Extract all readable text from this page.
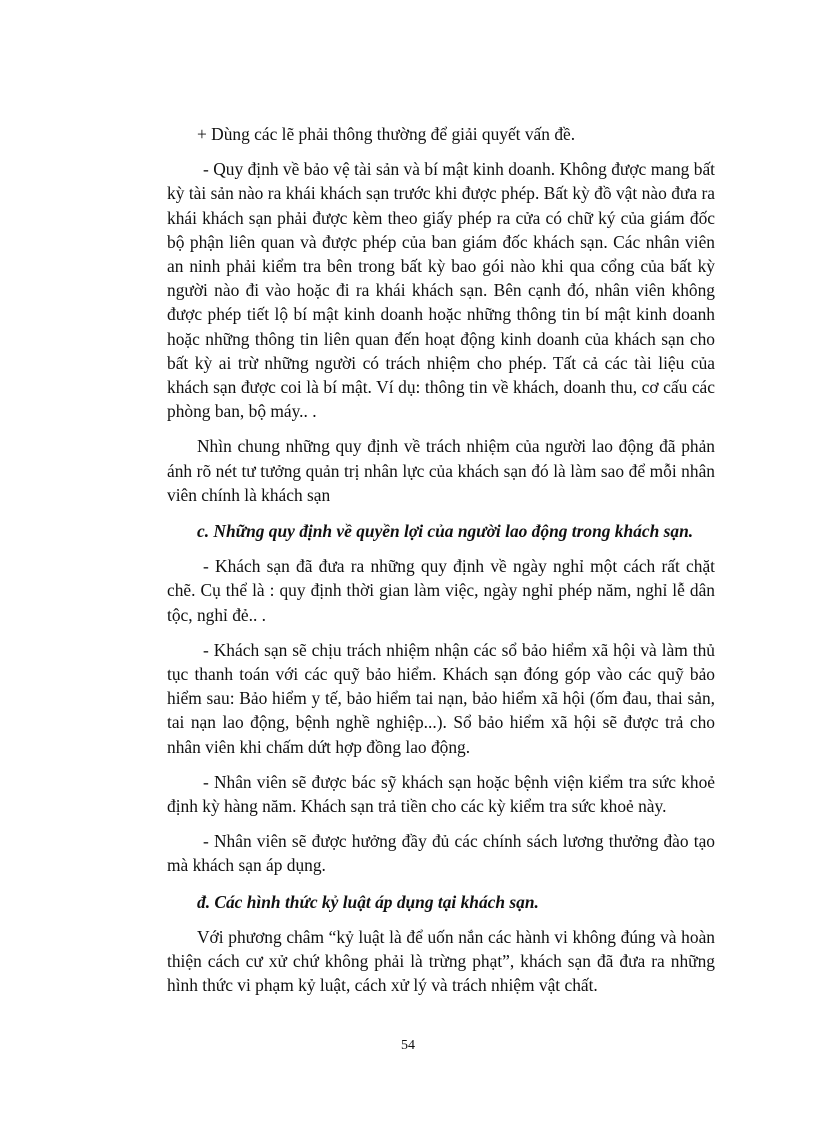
+ Dùng các lẽ phải thông thường để giải quyết vấn đề.

- Quy định về bảo vệ tài sản và bí mật kinh doanh. Không được mang bất kỳ tài sản nào ra khái khách sạn trước khi được phép. Bất kỳ đồ vật nào đưa ra khái khách sạn phải được kèm theo giấy phép ra cửa có chữ ký của giám đốc bộ phận liên quan và được phép của ban giám đốc khách sạn. Các nhân viên an ninh phải kiểm tra bên trong bất kỳ bao gói nào khi qua cổng của bất kỳ người nào đi vào hoặc đi ra khái khách sạn. Bên cạnh đó, nhân viên không được phép tiết lộ bí mật kinh doanh hoặc những thông tin bí mật kinh doanh hoặc những thông tin liên quan đến hoạt động kinh doanh của khách sạn cho bất kỳ ai trừ những người có trách nhiệm cho phép. Tất cả các tài liệu của khách sạn được coi là bí mật. Ví dụ: thông tin về khách, doanh thu, cơ cấu các phòng ban, bộ máy.. .

Nhìn chung những quy định về trách nhiệm của người lao động đã phản ánh rõ nét tư tưởng quản trị nhân lực của khách sạn đó là làm sao để mỗi nhân viên chính là khách sạn

c. Những quy định về quyền lợi của người lao động trong khách sạn.

- Khách sạn đã đưa ra những quy định về ngày nghỉ một cách rất chặt chẽ. Cụ thể là : quy định thời gian làm việc, ngày nghỉ phép năm, nghỉ lễ dân tộc, nghỉ đẻ.. .

- Khách sạn sẽ chịu trách nhiệm nhận các sổ bảo hiểm xã hội và làm thủ tục thanh toán với các quỹ bảo hiểm. Khách sạn đóng góp vào các quỹ bảo hiểm sau: Bảo hiểm y tế, bảo hiểm tai nạn, bảo hiểm xã hội (ốm đau, thai sản, tai nạn lao động, bệnh nghề nghiệp...). Sổ bảo hiểm xã hội sẽ được trả cho nhân viên khi chấm dứt hợp đồng lao động.

- Nhân viên sẽ được bác sỹ khách sạn hoặc bệnh viện kiểm tra sức khoẻ định kỳ hàng năm. Khách sạn trả tiền cho các kỳ kiểm tra sức khoẻ này.

- Nhân viên sẽ được hưởng đầy đủ các chính sách lương thưởng đào tạo mà khách sạn áp dụng.

đ. Các hình thức kỷ luật áp dụng tại khách sạn.

Với phương châm “kỷ luật là để uốn nắn các hành vi không đúng và hoàn thiện cách cư xử chứ không phải là trừng phạt”, khách sạn đã đưa ra những hình thức vi phạm kỷ luật, cách xử lý và trách nhiệm vật chất.

54
